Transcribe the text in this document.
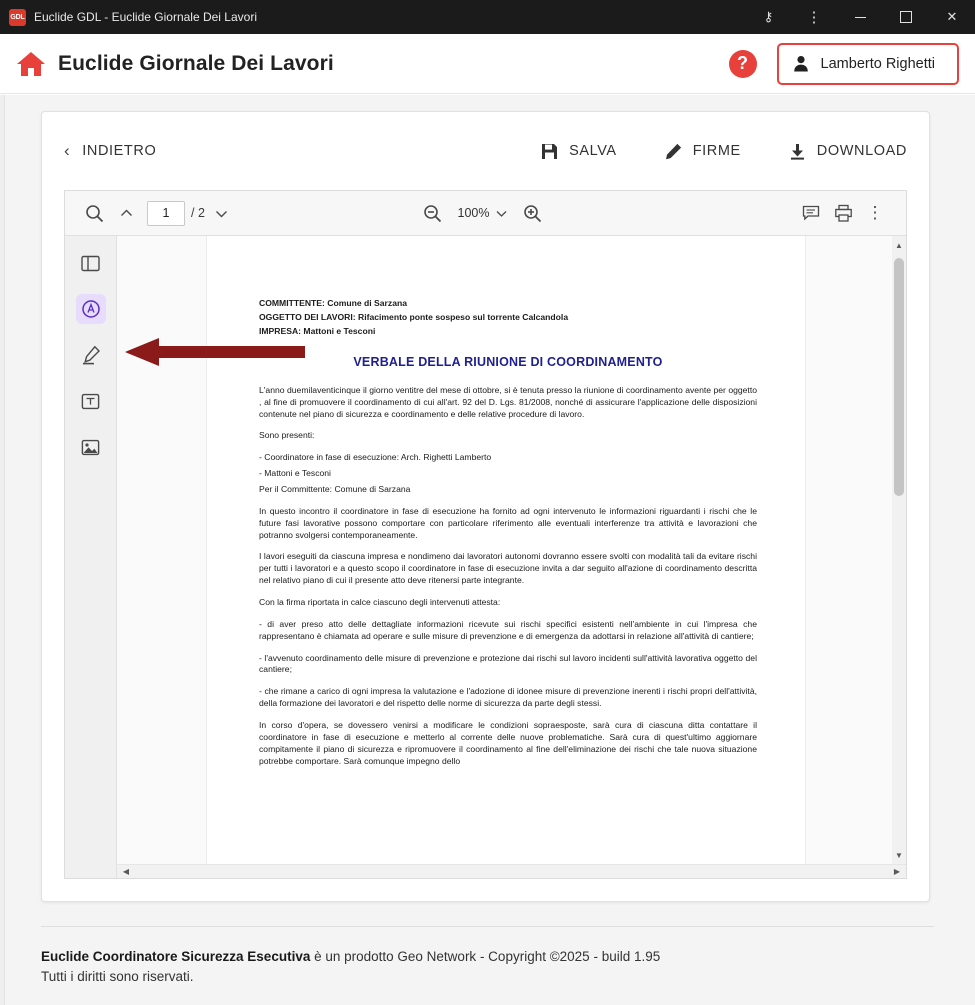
GDL Euclide GDL - Euclide Giornale Dei Lavori	⚷ ⋮	✕
Euclide Giornale Dei Lavori	?	Lamberto Righetti
‹ INDIETRO	SALVA	FIRME	DOWNLOAD
1
/ 2	100%	⋮
COMMITTENTE: Comune di Sarzana
OGGETTO DEI LAVORI: Rifacimento ponte sospeso sul torrente Calcandola
IMPRESA: Mattoni e Tesconi
VERBALE DELLA RIUNIONE DI COORDINAMENTO

L'anno duemilaventicinque il giorno ventitre del mese di ottobre, si è tenuta presso la riunione di coordinamento avente per oggetto , al fine di promuovere il coordinamento di cui all'art. 92 del D. Lgs. 81/2008, nonché di assicurare l'applicazione delle disposizioni contenute nel piano di sicurezza e coordinamento e delle relative procedure di lavoro.

Sono presenti:

- Coordinatore in fase di esecuzione: Arch. Righetti Lamberto

- Mattoni e Tesconi

Per il Committente: Comune di Sarzana

In questo incontro il coordinatore in fase di esecuzione ha fornito ad ogni intervenuto le informazioni riguardanti i rischi che le future fasi lavorative possono comportare con particolare riferimento alle eventuali interferenze tra attività e lavorazioni che potranno svolgersi contemporaneamente.

I lavori eseguiti da ciascuna impresa e nondimeno dai lavoratori autonomi dovranno essere svolti con modalità tali da evitare rischi per tutti i lavoratori e a questo scopo il coordinatore in fase di esecuzione invita a dar seguito all'azione di coordinamento descritta nel relativo piano di cui il presente atto deve ritenersi parte integrante.

Con la firma riportata in calce ciascuno degli intervenuti attesta:

- di aver preso atto delle dettagliate informazioni ricevute sui rischi specifici esistenti nell'ambiente in cui l'impresa che rappresentano è chiamata ad operare e sulle misure di prevenzione e di emergenza da adottarsi in relazione all'attività di cantiere;

- l'avvenuto coordinamento delle misure di prevenzione e protezione dai rischi sul lavoro incidenti sull'attività lavorativa oggetto del cantiere;

- che rimane a carico di ogni impresa la valutazione e l'adozione di idonee misure di prevenzione inerenti i rischi propri dell'attività, della formazione dei lavoratori e del rispetto delle norme di sicurezza da parte degli stessi.

In corso d'opera, se dovessero venirsi a modificare le condizioni sopraesposte, sarà cura di ciascuna ditta contattare il coordinatore in fase di esecuzione e metterlo al corrente delle nuove problematiche. Sarà cura di quest'ultimo aggiornare compitamente il piano di sicurezza e ripromuovere il coordinamento al fine dell'eliminazione dei rischi che tale nuova situazione potrebbe comportare. Sarà comunque impegno dello

▲
▼
◀	▶
Euclide Coordinatore Sicurezza Esecutiva è un prodotto Geo Network - Copyright ©2025 - build 1.95
Tutti i diritti sono riservati.
